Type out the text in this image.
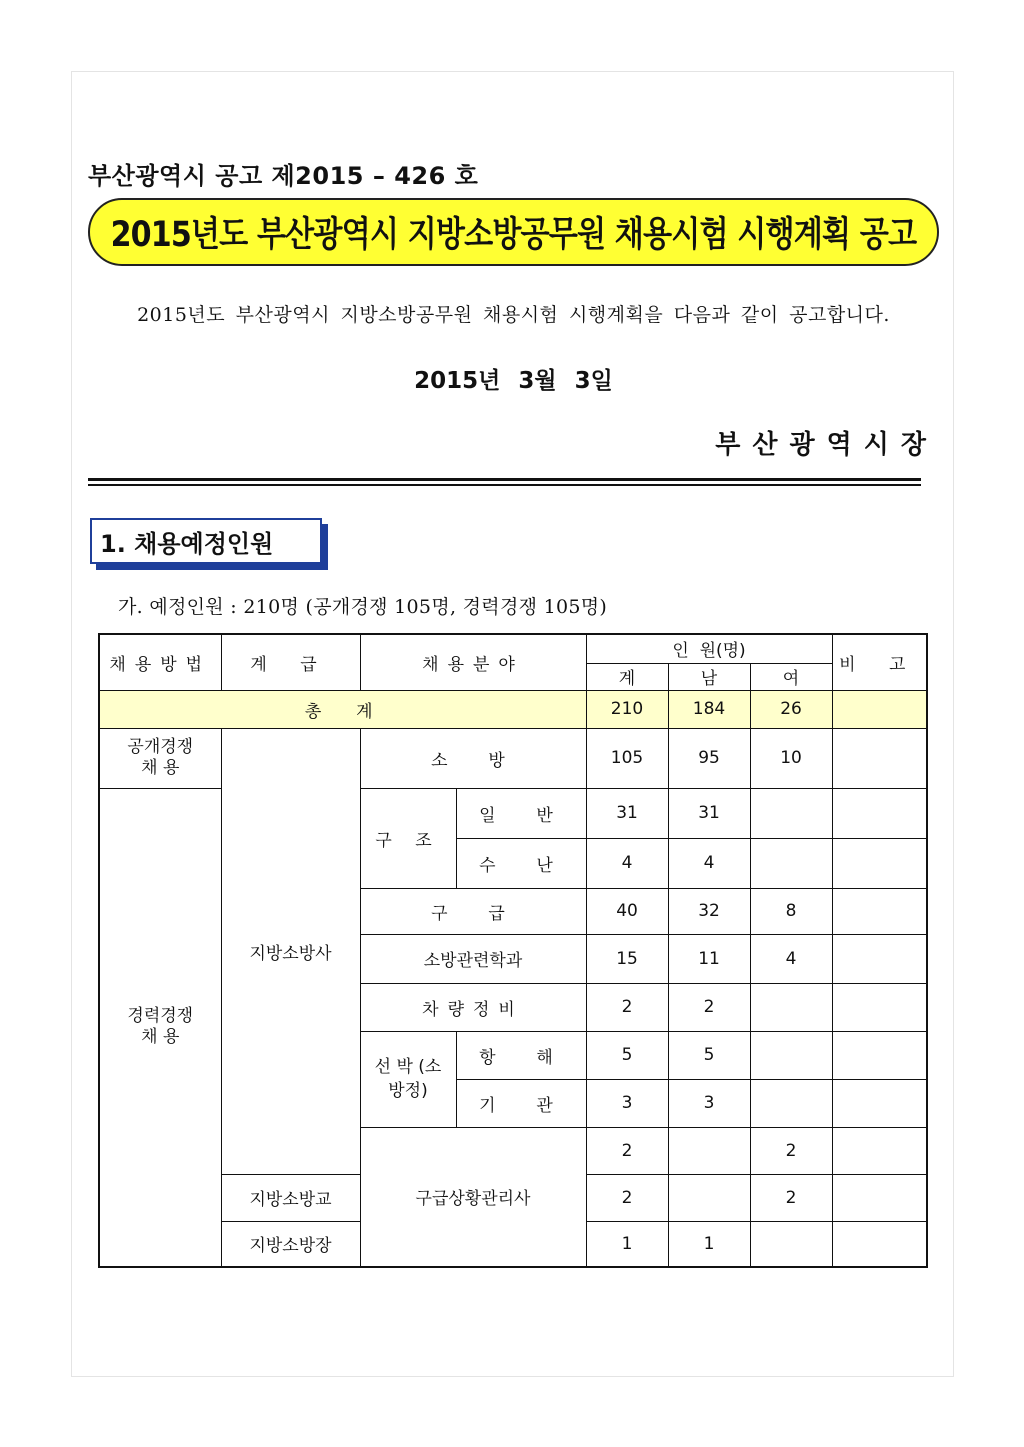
부산광역시 공고 제2015 – 426 호
2015년도 부산광역시 지방소방공무원 채용시험 시행계획 공고
2015년도 부산광역시 지방소방공무원 채용시험 시행계획을 다음과 같이 공고합니다.
2015년 3월 3일
부산광역시장
1. 채용예정인원
가. 예정인원 : 210명 (공개경쟁 105명, 경력경쟁 105명)
채용방법	계 급	채용분야		인  원(명)			비 고
				계	남	여	
총  계				210	184	26	
공개경쟁 채 용	지방소방사	소  방		105	95	10	
경력경쟁 채 용		구 조	일  반	31	31		
			수  난	4	4		
		구  급		40	32	8	
		소방관련학과		15	11	4	
		차량정비		2	2		
		선 박 (소방정)	항  해	5	5		
			기  관	3	3		
		구급상황관리사		2		2	
	지방소방교			2		2	
	지방소방장			1	1		
